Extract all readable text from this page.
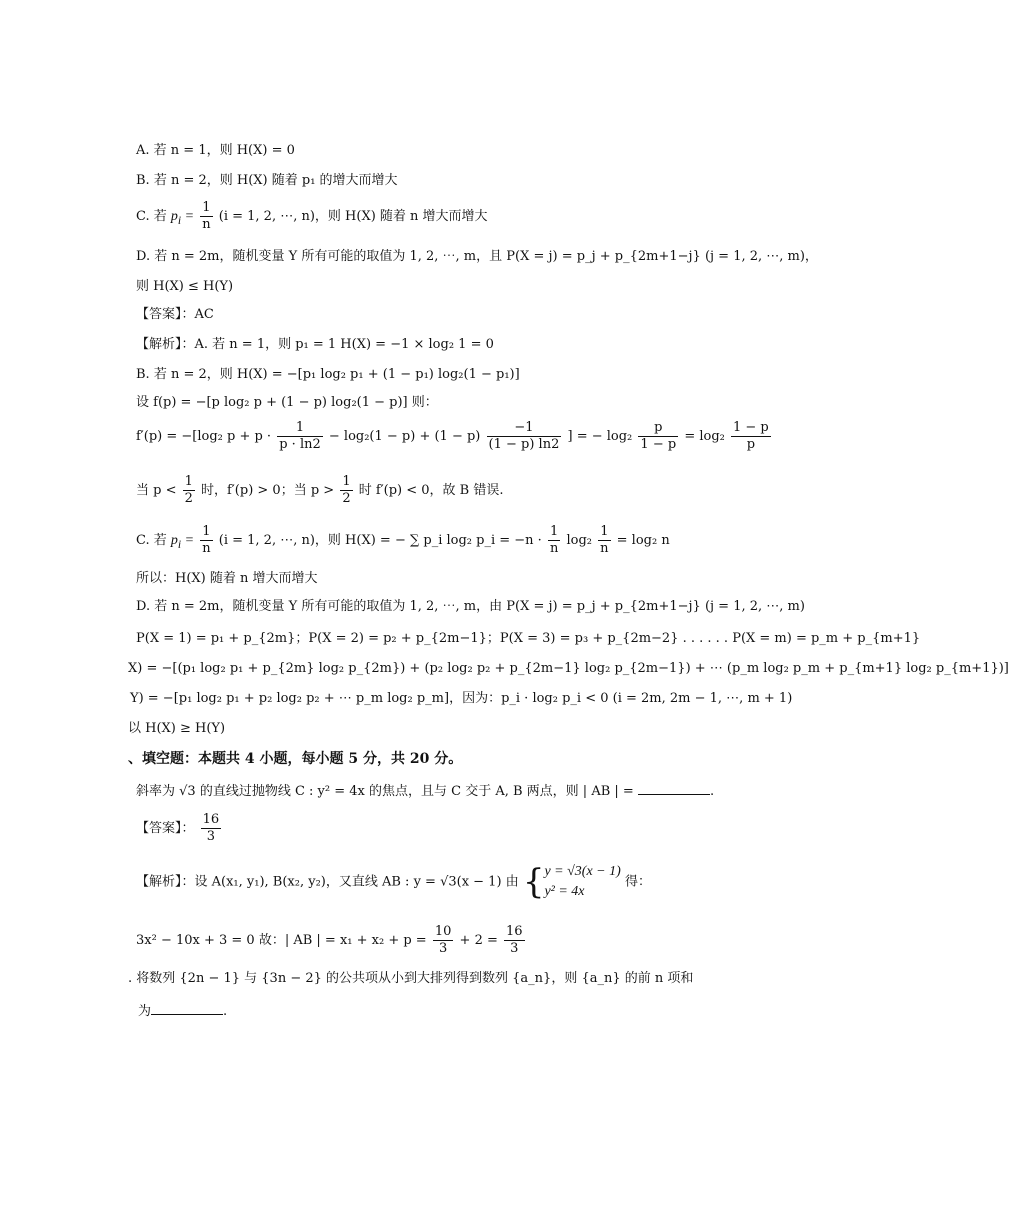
A. 若 n = 1，则 H(X) = 0
B. 若 n = 2，则 H(X) 随着 p₁ 的增大而增大
C. 若 $p_i = \frac{1}{n} (i = 1$, 2, ⋯, n)，则 H(X) 随着 n 增大而增大
D. 若 n = 2m，随机变量 Y 所有可能的取值为 1, 2, ⋯, m，且 P(X = j) = p_j + p_{2m+1−j} (j = 1, 2, ⋯, m)，
则 H(X) ≤ H(Y)
【答案】：AC
【解析】：A. 若 n = 1，则 p₁ = 1 H(X) = −1 × log₂ 1 = 0
B. 若 n = 2，则 H(X) = −[p₁ log₂ p₁ + (1 − p₁) log₂(1 − p₁)]
设 f(p) = −[p log₂ p + (1 − p) log₂(1 − p)] 则：
f′(p) = −[log₂ $p + p \cdot \frac{1}{p \cdot \ln 2} - \log_2(1 - p) + (1 - p) \frac{-1}{(1 - p) \ln 2}$ ] = − $\log_2 \frac{p}{1 - p} = \log_2 \frac{1 - p}{p}$
当 $p < \frac{1}{2}$ 时，f′(p) > 0；当 $p > \frac{1}{2}$ 时 f′(p) < 0，故 B 错误.
C. 若 $p_i = \frac{1}{n} (i = 1$, 2, ⋯, n)，则 H(X) = − ∑ p_i log₂ p_i = $-n \cdot \frac{1}{n} \log_2 \frac{1}{n} = \log_2$ n
所以：H(X) 随着 n 增大而增大
D. 若 n = 2m，随机变量 Y 所有可能的取值为 1, 2, ⋯, m，由 P(X = j) = p_j + p_{2m+1−j} (j = 1, 2, ⋯, m)
P(X = 1) = p₁ + p_{2m}；P(X = 2) = p₂ + p_{2m−1}；P(X = 3) = p₃ + p_{2m−2} . . . . . . P(X = m) = p_m + p_{m+1}
X) = −[(p₁ log₂ p₁ + p_{2m} log₂ p_{2m}) + (p₂ log₂ p₂ + p_{2m−1} log₂ p_{2m−1}) + ⋯ (p_m log₂ p_m + p_{m+1} log₂ p_{m+1})]
Y) = −[p₁ log₂ p₁ + p₂ log₂ p₂ + ⋯ p_m log₂ p_m]，因为：p_i · log₂ p_i < 0 (i = 2m, 2m − 1, ⋯, m + 1)
以 H(X) ≥ H(Y)
、填空题：本题共 4 小题，每小题 5 分，共 20 分。
斜率为 √3 的直线过抛物线 C : y² = 4x 的焦点，且与 C 交于 A, B 两点，则 | AB | =	.
【答案】： $\frac{16}{3}$
【解析】：设 A(x₁, y₁), B(x₂, y₂)，又直线 AB : y = √3(x − 1) 由 { y = √3(x − 1)
y² = 4x
得：
3x² − 10x + 3 = 0 故：| AB | = $x_1 + x_2 + p = \frac{10}{3} + 2 = \frac{16}{3}$
. 将数列 {2n − 1} 与 {3n − 2} 的公共项从小到大排列得到数列 {a_n}，则 {a_n} 的前 n 项和
为	.
